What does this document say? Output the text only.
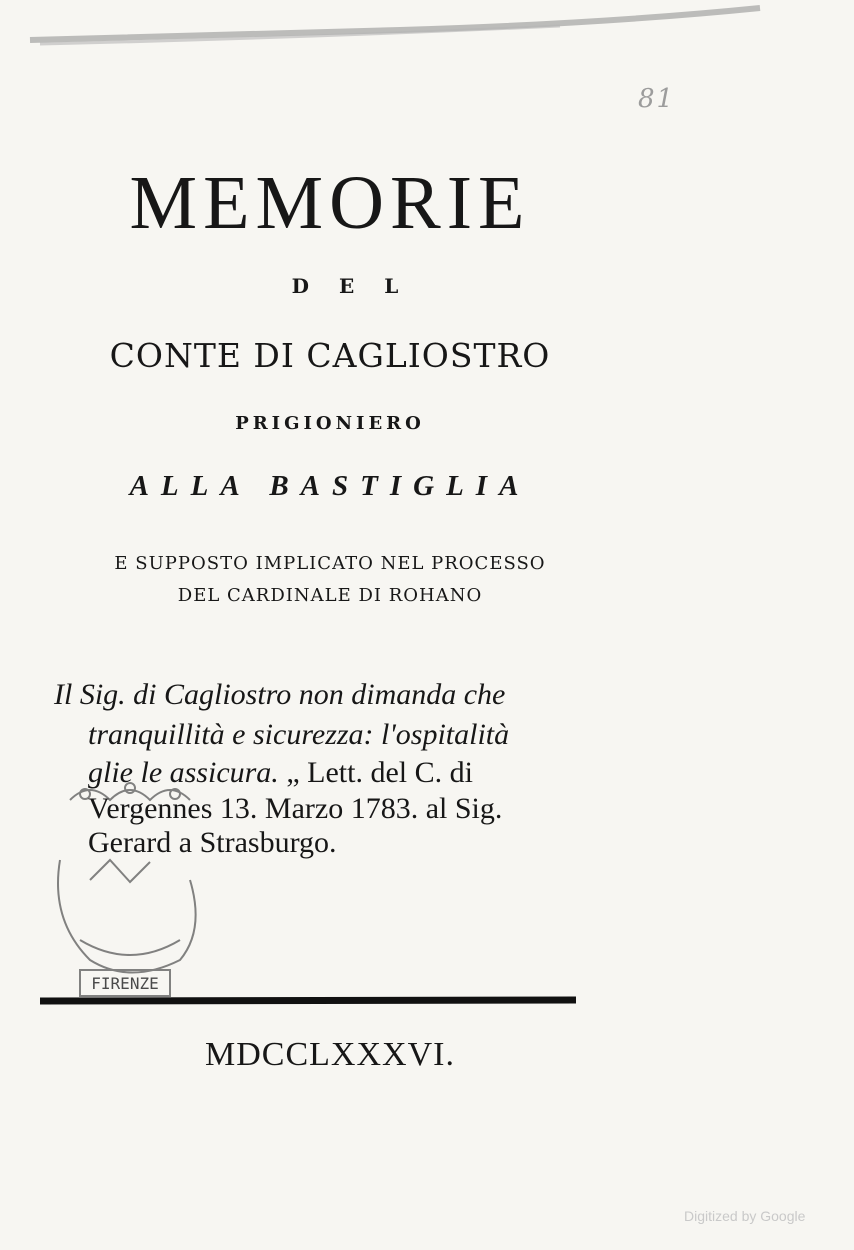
81
MEMORIE
DEL
CONTE DI CAGLIOSTRO
PRIGIONIERO
ALLA BASTIGLIA
E SUPPOSTO IMPLICATO NEL PROCESSO
DEL CARDINALE DI ROHANO
Il Sig. di Cagliostro non dimanda che
tranquillità e sicurezza: l'ospitalità
glie le assicura. „ Lett. del C. di
Vergennes 13. Marzo 1783. al Sig.
Gerard a Strasburgo.
FIRENZE
MDCCLXXXVI.
Digitized by Google
